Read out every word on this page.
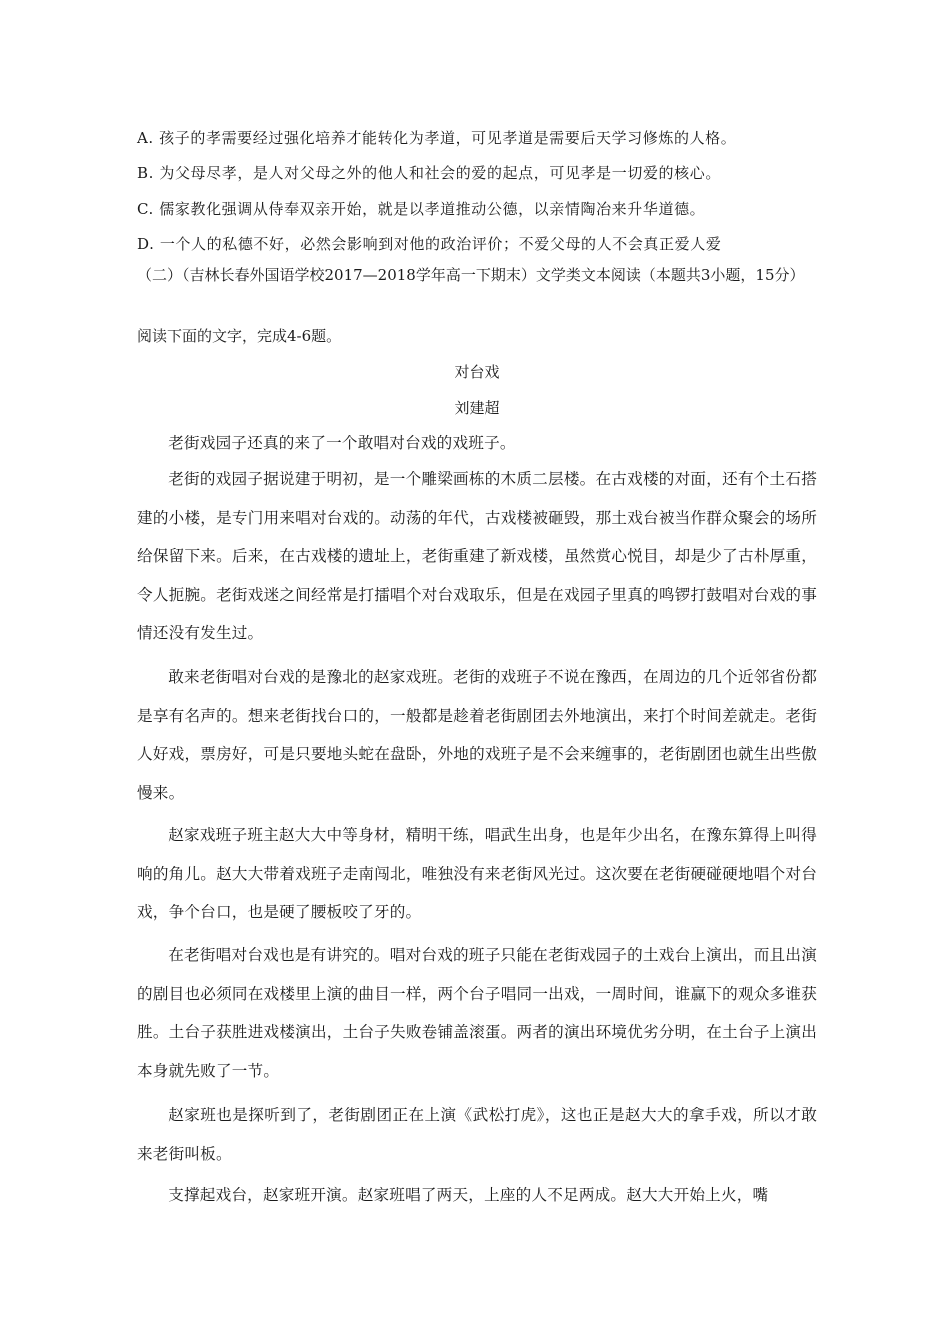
A. 孩子的孝需要经过强化培养才能转化为孝道，可见孝道是需要后天学习修炼的人格。
B. 为父母尽孝，是人对父母之外的他人和社会的爱的起点，可见孝是一切爱的核心。
C. 儒家教化强调从侍奉双亲开始，就是以孝道推动公德，以亲情陶冶来升华道德。
D. 一个人的私德不好，必然会影响到对他的政治评价；不爱父母的人不会真正爱人爱
（二）（吉林长春外国语学校2017—2018学年高一下期末）文学类文本阅读（本题共3小题，15分）
阅读下面的文字，完成4-6题。
对台戏
刘建超
老街戏园子还真的来了一个敢唱对台戏的戏班子。
老街的戏园子据说建于明初，是一个雕梁画栋的木质二层楼。在古戏楼的对面，还有个土石搭建的小楼，是专门用来唱对台戏的。动荡的年代，古戏楼被砸毁，那土戏台被当作群众聚会的场所给保留下来。后来，在古戏楼的遗址上，老街重建了新戏楼，虽然赏心悦目，却是少了古朴厚重，令人扼腕。老街戏迷之间经常是打擂唱个对台戏取乐，但是在戏园子里真的鸣锣打鼓唱对台戏的事情还没有发生过。
敢来老街唱对台戏的是豫北的赵家戏班。老街的戏班子不说在豫西，在周边的几个近邻省份都是享有名声的。想来老街找台口的，一般都是趁着老街剧团去外地演出，来打个时间差就走。老街人好戏，票房好，可是只要地头蛇在盘卧，外地的戏班子是不会来缠事的，老街剧团也就生出些傲慢来。
赵家戏班子班主赵大大中等身材，精明干练，唱武生出身，也是年少出名，在豫东算得上叫得响的角儿。赵大大带着戏班子走南闯北，唯独没有来老街风光过。这次要在老街硬碰硬地唱个对台戏，争个台口，也是硬了腰板咬了牙的。
在老街唱对台戏也是有讲究的。唱对台戏的班子只能在老街戏园子的土戏台上演出，而且出演的剧目也必须同在戏楼里上演的曲目一样，两个台子唱同一出戏，一周时间，谁赢下的观众多谁获胜。土台子获胜进戏楼演出，土台子失败卷铺盖滚蛋。两者的演出环境优劣分明，在土台子上演出本身就先败了一节。
赵家班也是探听到了，老街剧团正在上演《武松打虎》，这也正是赵大大的拿手戏，所以才敢来老街叫板。
支撑起戏台，赵家班开演。赵家班唱了两天，上座的人不足两成。赵大大开始上火，嘴
